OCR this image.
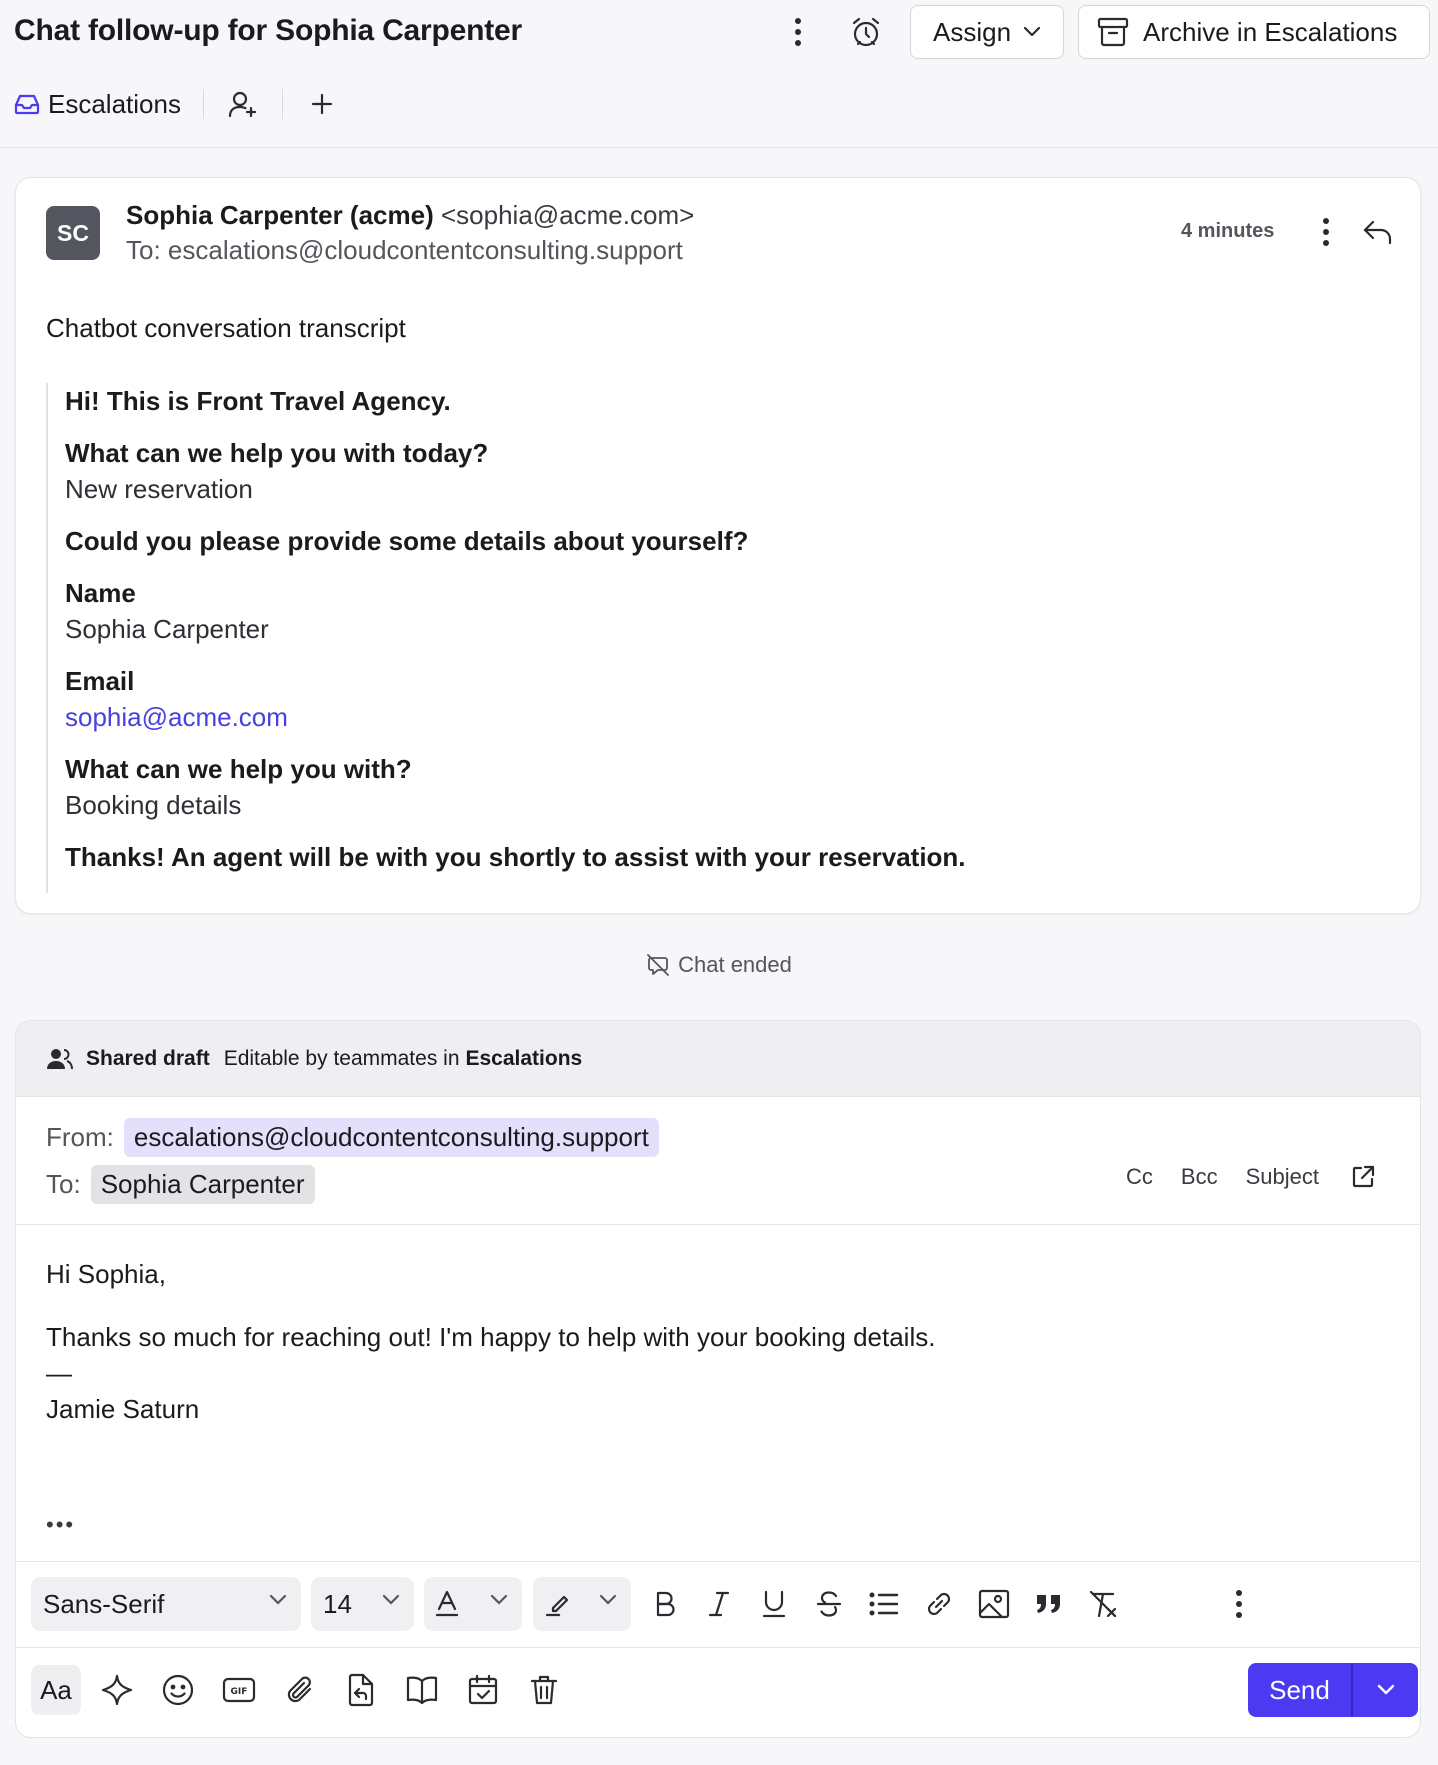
Chat follow-up for Sophia Carpenter	Assign	Archive in Escalations
Escalations
SC
Sophia Carpenter (acme) <sophia@acme.com>
To: escalations@cloudcontentconsulting.support
4 minutes
Chatbot conversation transcript
Hi! This is Front Travel Agency.
What can we help you with today?
New reservation
Could you please provide some details about yourself?
Name
Sophia Carpenter
Email
sophia@acme.com
What can we help you with?
Booking details
Thanks! An agent will be with you shortly to assist with your reservation.
Chat ended
Shared draft Editable by teammates in Escalations
From: escalations@cloudcontentconsulting.support
To: Sophia Carpenter	Cc Bcc Subject

Hi Sophia,

Thanks so much for reaching out! I'm happy to help with your booking details.

—

Jamie Saturn

•••
Sans-Serif	14
Aa	GIF	Send
